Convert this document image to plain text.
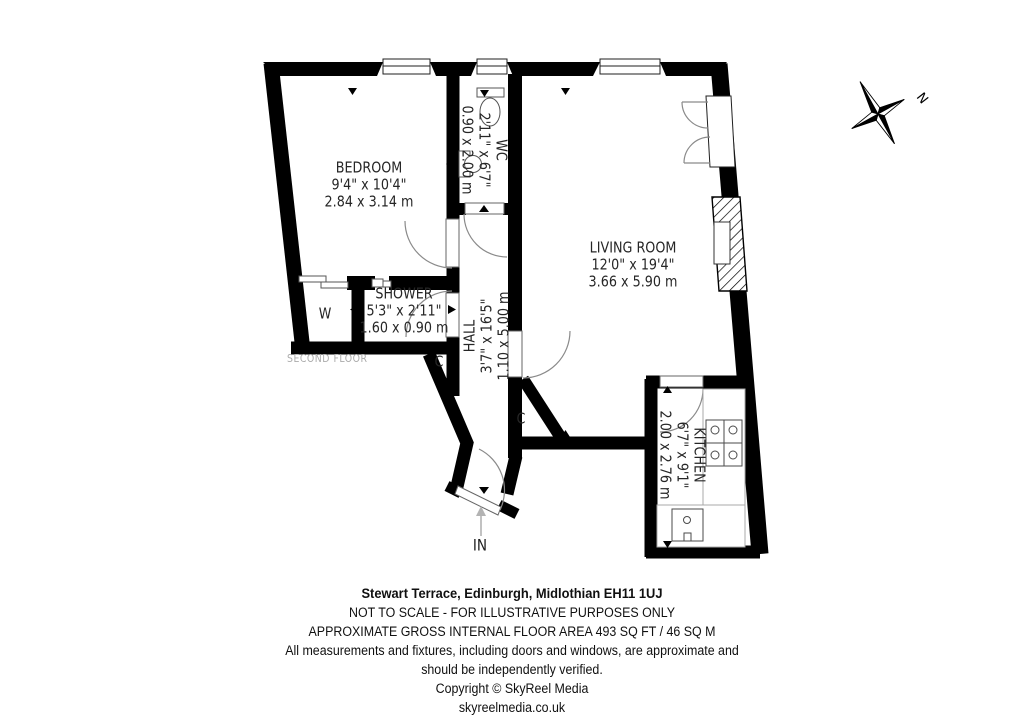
N
BEDROOM
9'4" x 10'4"
2.84 x 3.14 m
WC
2'11" x 6'7"
0.90 x 2.00 m
LIVING ROOM
12'0" x 19'4"
3.66 x 5.90 m
SHOWER
5'3" x 2'11"
1.60 x 0.90 m HALL 3'7" x 16'5" 1.10 x 5.00 m
KITCHEN
6'7" x 9'1"
2.00 x 2.76 m
W
C
C
SECOND FLOOR
IN
Stewart Terrace, Edinburgh, Midlothian EH11 1UJ
NOT TO SCALE - FOR ILLUSTRATIVE PURPOSES ONLY
APPROXIMATE GROSS INTERNAL FLOOR AREA 493 SQ FT / 46 SQ M
All measurements and fixtures, including doors and windows, are approximate and
should be independently verified.
Copyright © SkyReel Media
skyreelmedia.co.uk
